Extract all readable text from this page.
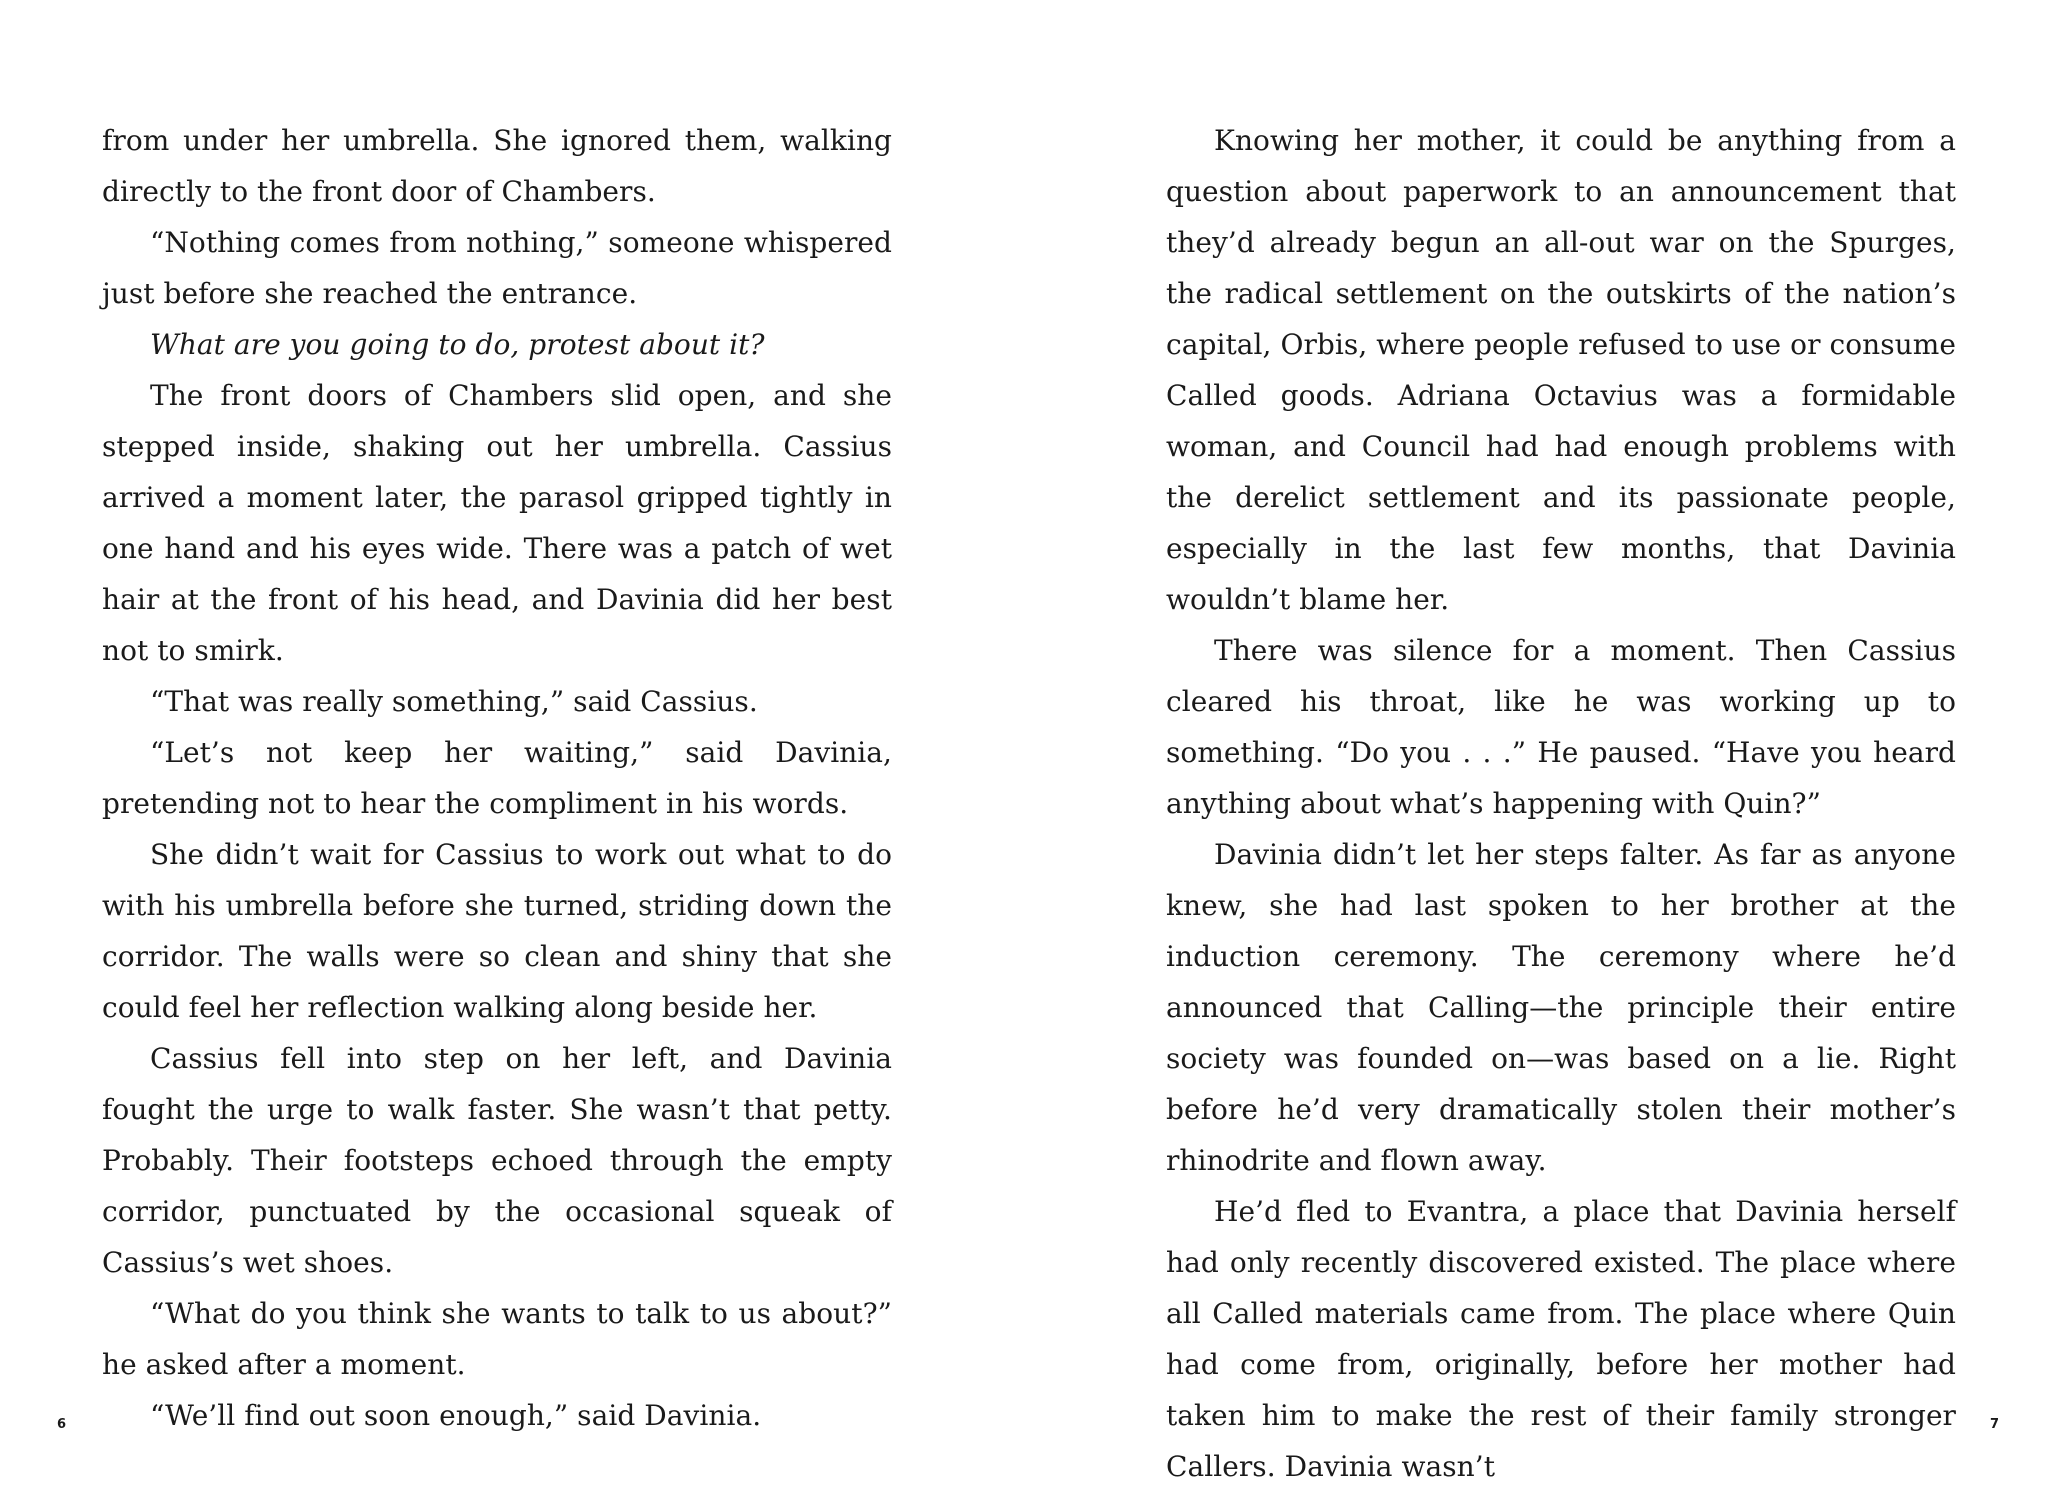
from under her umbrella. She ignored them, walking directly to the front door of Chambers.

“Nothing comes from nothing,” someone whispered just before she reached the entrance.

What are you going to do, protest about it?

The front doors of Chambers slid open, and she stepped inside, shaking out her umbrella. Cassius arrived a moment later, the parasol gripped tightly in one hand and his eyes wide. There was a patch of wet hair at the front of his head, and Davinia did her best not to smirk.

“That was really something,” said Cassius.

“Let’s not keep her waiting,” said Davinia, pretending not to hear the compliment in his words.

She didn’t wait for Cassius to work out what to do with his umbrella before she turned, striding down the corridor. The walls were so clean and shiny that she could feel her reflection walking along beside her.

Cassius fell into step on her left, and Davinia fought the urge to walk faster. She wasn’t that petty. Probably. Their footsteps echoed through the empty corridor, punctuated by the occasional squeak of Cassius’s wet shoes.

“What do you think she wants to talk to us about?” he asked after a moment.

“We’ll find out soon enough,” said Davinia.

Knowing her mother, it could be anything from a question about paperwork to an announcement that they’d already begun an all-out war on the Spurges, the radical settlement on the outskirts of the nation’s capital, Orbis, where people refused to use or consume Called goods. Adriana Octavius was a formidable woman, and Council had had enough problems with the derelict settlement and its passionate people, especially in the last few months, that Davinia wouldn’t blame her.

There was silence for a moment. Then Cassius cleared his throat, like he was working up to something. “Do you . . .” He paused. “Have you heard anything about what’s happening with Quin?”

Davinia didn’t let her steps falter. As far as anyone knew, she had last spoken to her brother at the induction ceremony. The ceremony where he’d announced that Calling—the principle their entire society was founded on—was based on a lie. Right before he’d very dramatically stolen their mother’s rhinodrite and flown away.

He’d fled to Evantra, a place that Davinia herself had only recently discovered existed. The place where all Called materials came from. The place where Quin had come from, originally, before her mother had taken him to make the rest of their family stronger Callers. Davinia wasn’t

6	7
